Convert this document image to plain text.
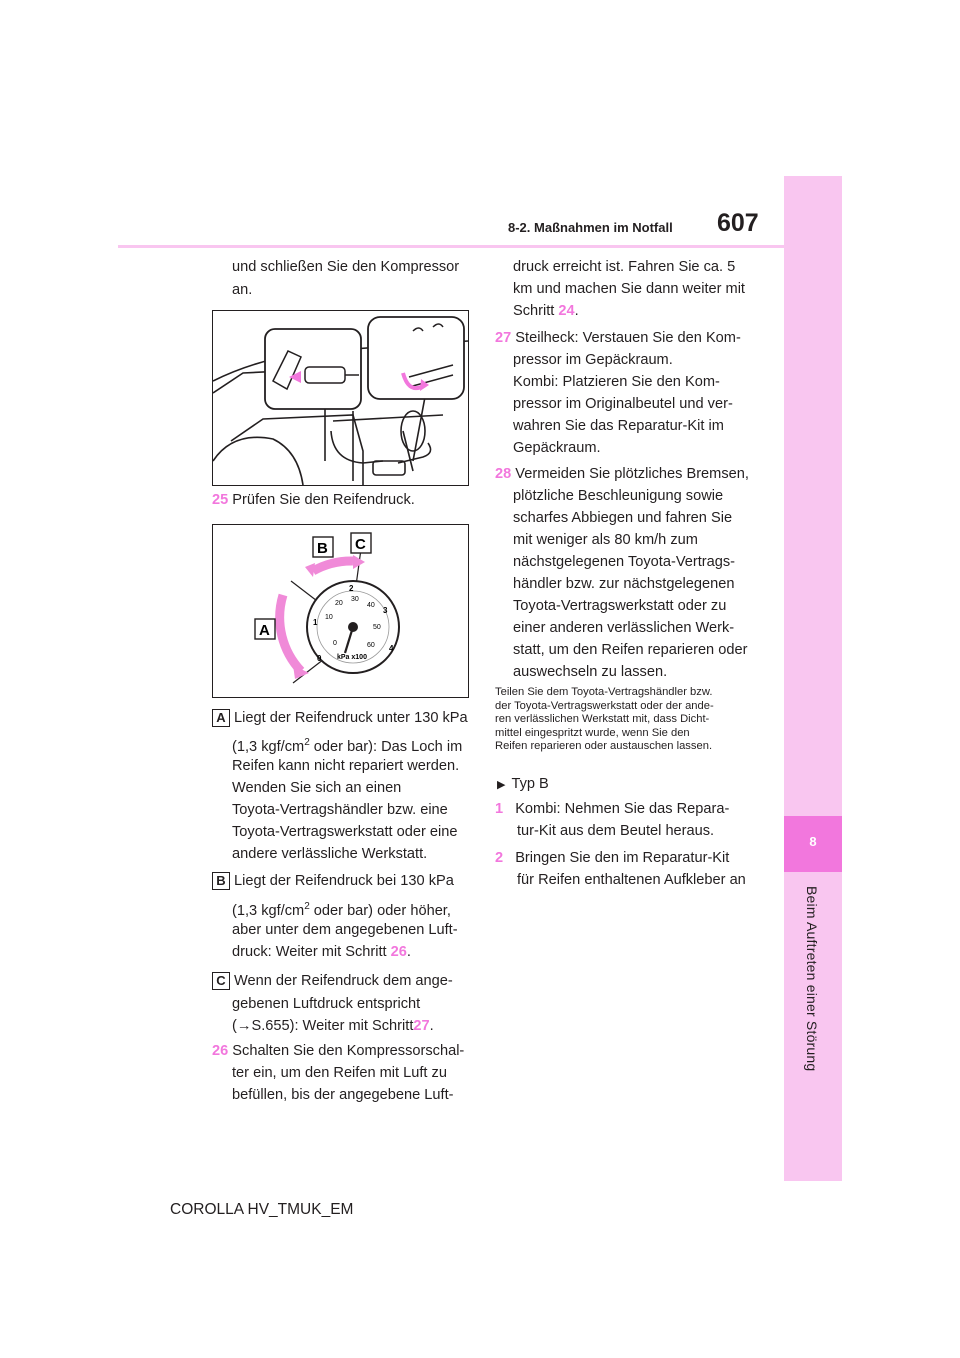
8
Beim Auftreten einer Störung
8-2. Maßnahmen im Notfall 607

und schließen Sie den Kompressor

an.

25 Prüfen Sie den Reifendruck.

10
20
30
40
50
60
0
1
2
3
4
0 kPa x100
B C
A

A Liegt der Reifendruck unter 130 kPa

(1,3 kgf/$cm^2$ oder bar): Das Loch im

Reifen kann nicht repariert werden.

Wenden Sie sich an einen

Toyota-Vertragshändler bzw. eine

Toyota-Vertragswerkstatt oder eine

andere verlässliche Werkstatt.

B Liegt der Reifendruck bei 130 kPa

(1,3 kgf/$cm^2$ oder bar) oder höher,

aber unter dem angegebenen Luft-

druck: Weiter mit Schritt 26.

C Wenn der Reifendruck dem ange-

gebenen Luftdruck entspricht

(→S.655): Weiter mit Schritt27.

26 Schalten Sie den Kompressorschal-

ter ein, um den Reifen mit Luft zu

befüllen, bis der angegebene Luft-

druck erreicht ist. Fahren Sie ca. 5

km und machen Sie dann weiter mit

Schritt 24.

27 Steilheck: Verstauen Sie den Kom-

pressor im Gepäckraum.

Kombi: Platzieren Sie den Kom-

pressor im Originalbeutel und ver-

wahren Sie das Reparatur-Kit im

Gepäckraum.

28 Vermeiden Sie plötzliches Bremsen,

plötzliche Beschleunigung sowie

scharfes Abbiegen und fahren Sie

mit weniger als 80 km/h zum

nächstgelegenen Toyota-Vertrags-

händler bzw. zur nächstgelegenen

Toyota-Vertragswerkstatt oder zu

einer anderen verlässlichen Werk-

statt, um den Reifen reparieren oder

auswechseln zu lassen.

Teilen Sie dem Toyota-Vertragshändler bzw.
der Toyota-Vertragswerkstatt oder der ande-
ren verlässlichen Werkstatt mit, dass Dicht-
mittel eingespritzt wurde, wenn Sie den
Reifen reparieren oder austauschen lassen.

▶ Typ B

1 Kombi: Nehmen Sie das Repara-

tur-Kit aus dem Beutel heraus.

2 Bringen Sie den im Reparatur-Kit

für Reifen enthaltenen Aufkleber an

COROLLA HV_TMUK_EM
